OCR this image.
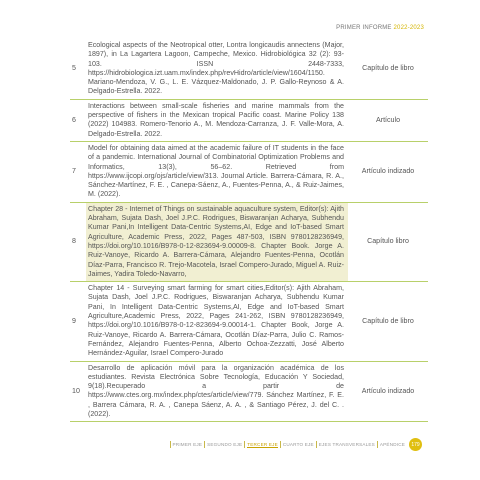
PRIMER INFORME 2022-2023
5	Ecological aspects of the Neotropical otter, Lontra longicaudis annectens (Major, 1897), in La Lagartera Lagoon, Campeche, Mexico. Hidrobiológica 32 (2): 93-103. ISSN 2448-7333, https://hidrobiologica.izt.uam.mx/index.php/revHidro/article/view/1604/1150. Mariano-Mendoza, V. G., L. E. Vázquez-Maldonado, J. P. Gallo-Reynoso & A. Delgado-Estrella. 2022.	Capítulo de libro
6	Interactions between small-scale fisheries and marine mammals from the perspective of fishers in the Mexican tropical Pacific coast. Marine Policy 138 (2022) 104983. Romero-Tenorio A., M. Mendoza-Carranza, J. F. Valle-Mora, A. Delgado-Estrella. 2022.	Artículo
7	Model for obtaining data aimed at the academic failure of IT students in the face of a pandemic. International Journal of Combinatorial Optimization Problems and Informatics, 13(3), 56–62. Retrieved from https://www.ijcopi.org/ojs/article/view/313. Journal Article. Barrera-Cámara, R. A., Sánchez-Martínez, F. E. , Canepa-Sáenz, A., Fuentes-Penna, A., & Ruiz-Jaimes, M. (2022).	Artículo indizado
8	Chapter 28 - Internet of Things on sustainable aquaculture system, Editor(s): Ajith Abraham, Sujata Dash, Joel J.P.C. Rodrigues, Biswaranjan Acharya, Subhendu Kumar Pani,In Intelligent Data-Centric Systems,AI, Edge and IoT-based Smart Agriculture, Academic Press, 2022, Pages 487-503, ISBN 9780128236949, https://doi.org/10.1016/B978-0-12-823694-9.00009-8. Chapter Book. Jorge A. Ruiz-Vanoye, Ricardo A. Barrera-Cámara, Alejandro Fuentes-Penna, Ocotlán Díaz-Parra, Francisco R. Trejo-Macotela, Israel Compero-Jurado, Miguel A. Ruiz-Jaimes, Yadira Toledo-Navarro,	Capítulo libro
9	Chapter 14 - Surveying smart farming for smart cities,Editor(s): Ajith Abraham, Sujata Dash, Joel J.P.C. Rodrigues, Biswaranjan Acharya, Subhendu Kumar Pani, In Intelligent Data-Centric Systems,AI, Edge and IoT-based Smart Agriculture,Academic Press, 2022, Pages 241-262, ISBN 9780128236949, https://doi.org/10.1016/B978-0-12-823694-9.00014-1. Chapter Book, Jorge A. Ruiz-Vanoye, Ricardo A. Barrera-Cámara, Ocotlán Díaz-Parra, Julio C. Ramos-Fernández, Alejandro Fuentes-Penna, Alberto Ochoa-Zezzatti, José Alberto Hernández-Aguilar, Israel Compero-Jurado	Capítulo de libro
10	Desarrollo de aplicación móvil para la organización académica de los estudiantes. Revista Electrónica Sobre Tecnología, Educación Y Sociedad, 9(18).Recuperado a partir de https://www.ctes.org.mx/index.php/ctes/article/view/779. Sánchez Martínez, F. E. , Barrera Cámara, R. A. , Canepa Sáenz, A. A. , & Santiago Pérez, J. del C. . (2022).	Artículo indizado
PRIMER EJE SEGUNDO EJE TERCER EJE CUARTO EJE EJES TRANSVERSALES APÉNDICE	179
